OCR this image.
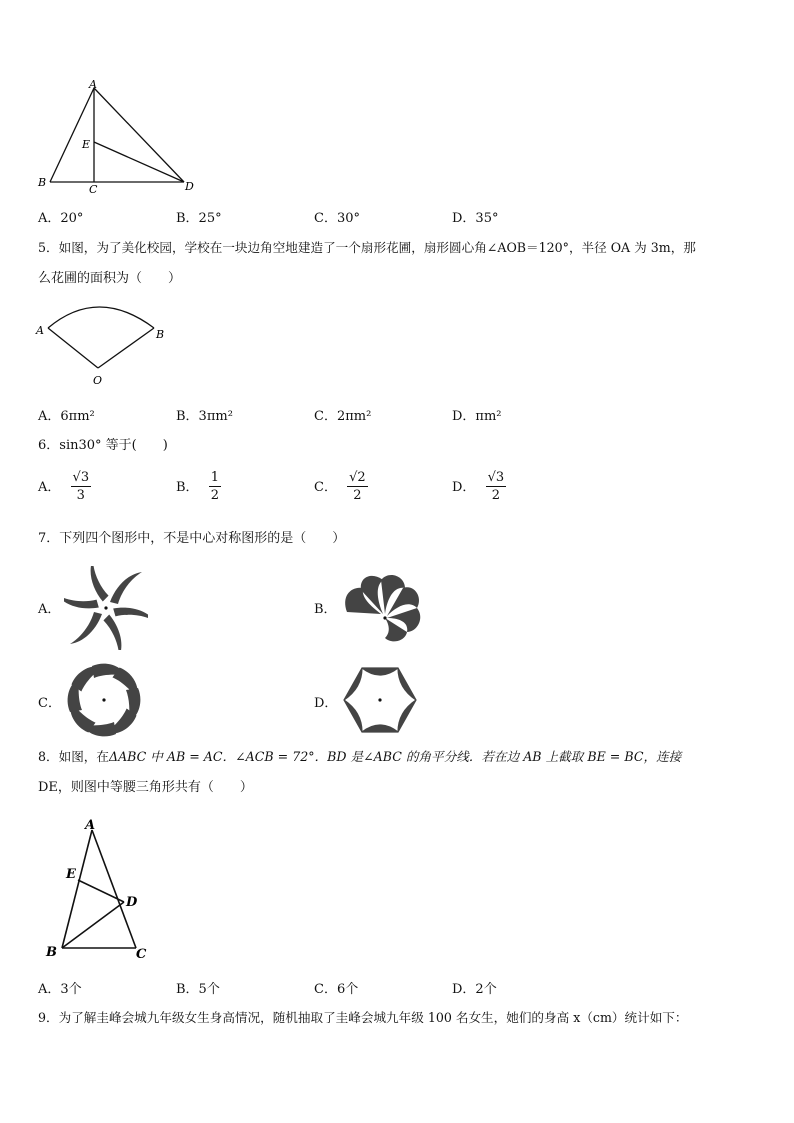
A
B
C	D
E
A．20°	B．25°	C．30°	D．35°
5．如图，为了美化校园，学校在一块边角空地建造了一个扇形花圃，扇形圆心角∠AOB＝120°，半径 OA 为 3m，那
么花圃的面积为（　　）
A	B
O
A．6πm²	B．3πm²	C．2πm²	D．πm²
6．sin30° 等于(　　)
A． $\frac{√3}{3}$	B． $\frac{1}{2}$	C． $\frac{√2}{2}$	D． $\frac{√3}{2}$
7．下列四个图形中，不是中心对称图形的是（　　）
A．	B．
C．	D．
8．如图，在ΔABC 中 AB = AC．∠ACB = 72°．BD 是∠ABC 的角平分线．若在边 AB 上截取 BE = BC，连接
DE，则图中等腰三角形共有（　　）
A
E
D
B	C
A．3个	B．5个	C．6个	D．2个
9．为了解圭峰会城九年级女生身高情况，随机抽取了圭峰会城九年级 100 名女生，她们的身高 x（cm）统计如下：
